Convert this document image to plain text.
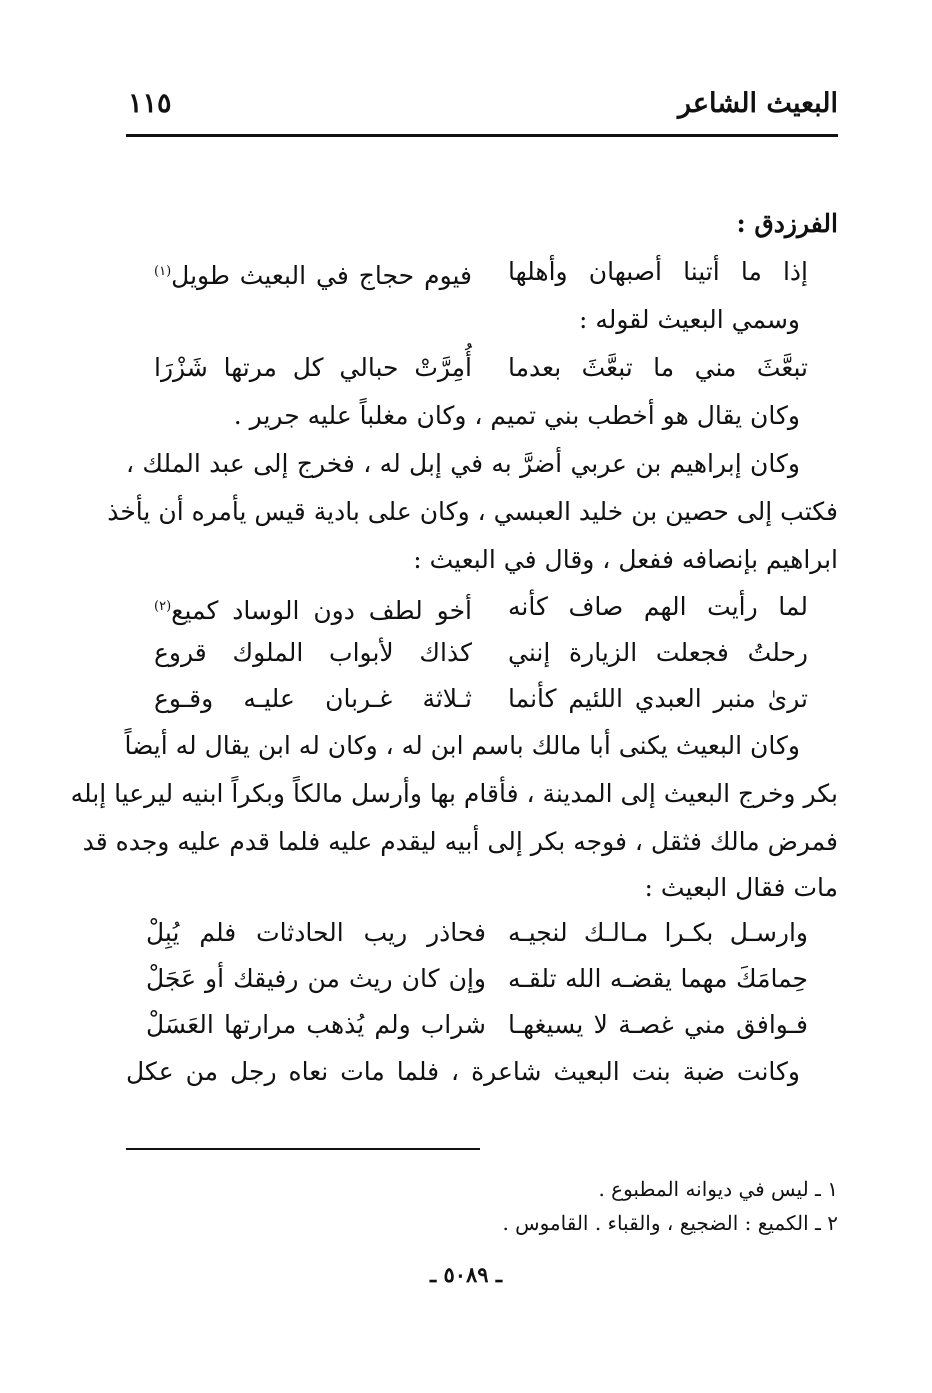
البعيث الشاعر
١١٥
الفرزدق :
إذا ما أتينا أصبهان وأهلها
فيوم حجاج في البعيث طويل$^{(١)}$
وسمي البعيث لقوله :
تبعَّثَ مني ما تبعَّثَ بعدما
أُمِرَّتْ حبالي كل مرتها شَزْرَا
وكان يقال هو أخطب بني تميم ، وكان مغلباً عليه جرير .
وكان إبراهيم بن عربي أضرَّ به في إبل له ، فخرج إلى عبد الملك ،
فكتب إلى حصين بن خليد العبسي ، وكان على بادية قيس يأمره أن يأخذ
ابراهيم بإنصافه ففعل ، وقال في البعيث :
لما رأيت الهم صاف كأنه
أخو لطف دون الوساد كميع$^{(٢)}$
رحلتُ فجعلت الزيارة إنني
كذاك لأبواب الملوك قروع
ترىٰ منبر العبدي اللئيم كأنما
ثـلاثة غـربان عليـه وقـوع
وكان البعيث يكنى أبا مالك باسم ابن له ، وكان له ابن يقال له أيضاً
بكر وخرج البعيث إلى المدينة ، فأقام بها وأرسل مالكاً وبكراً ابنيه ليرعيا إبله
فمرض مالك فثقل ، فوجه بكر إلى أبيه ليقدم عليه فلما قدم عليه وجده قد
مات فقال البعيث :
وارسـل بكـرا مـالـك لنجيـه
فحاذر ريب الحادثات فلم يُبِلْ
حِمامَكَ مهما يقضـه الله تلقـه
وإن كان ريث من رفيقك أو عَجَلْ
فـوافق مني غصـة لا يسيغهـا
شراب ولم يُذهب مرارتها العَسَلْ
وكانت ضبة بنت البعيث شاعرة ، فلما مات نعاه رجل من عكل
١ ـ ليس في ديوانه المطبوع .
٢ ـ الكميع : الضجيع ، والقباء . القاموس .
ـ ٥٠٨٩ ـ
